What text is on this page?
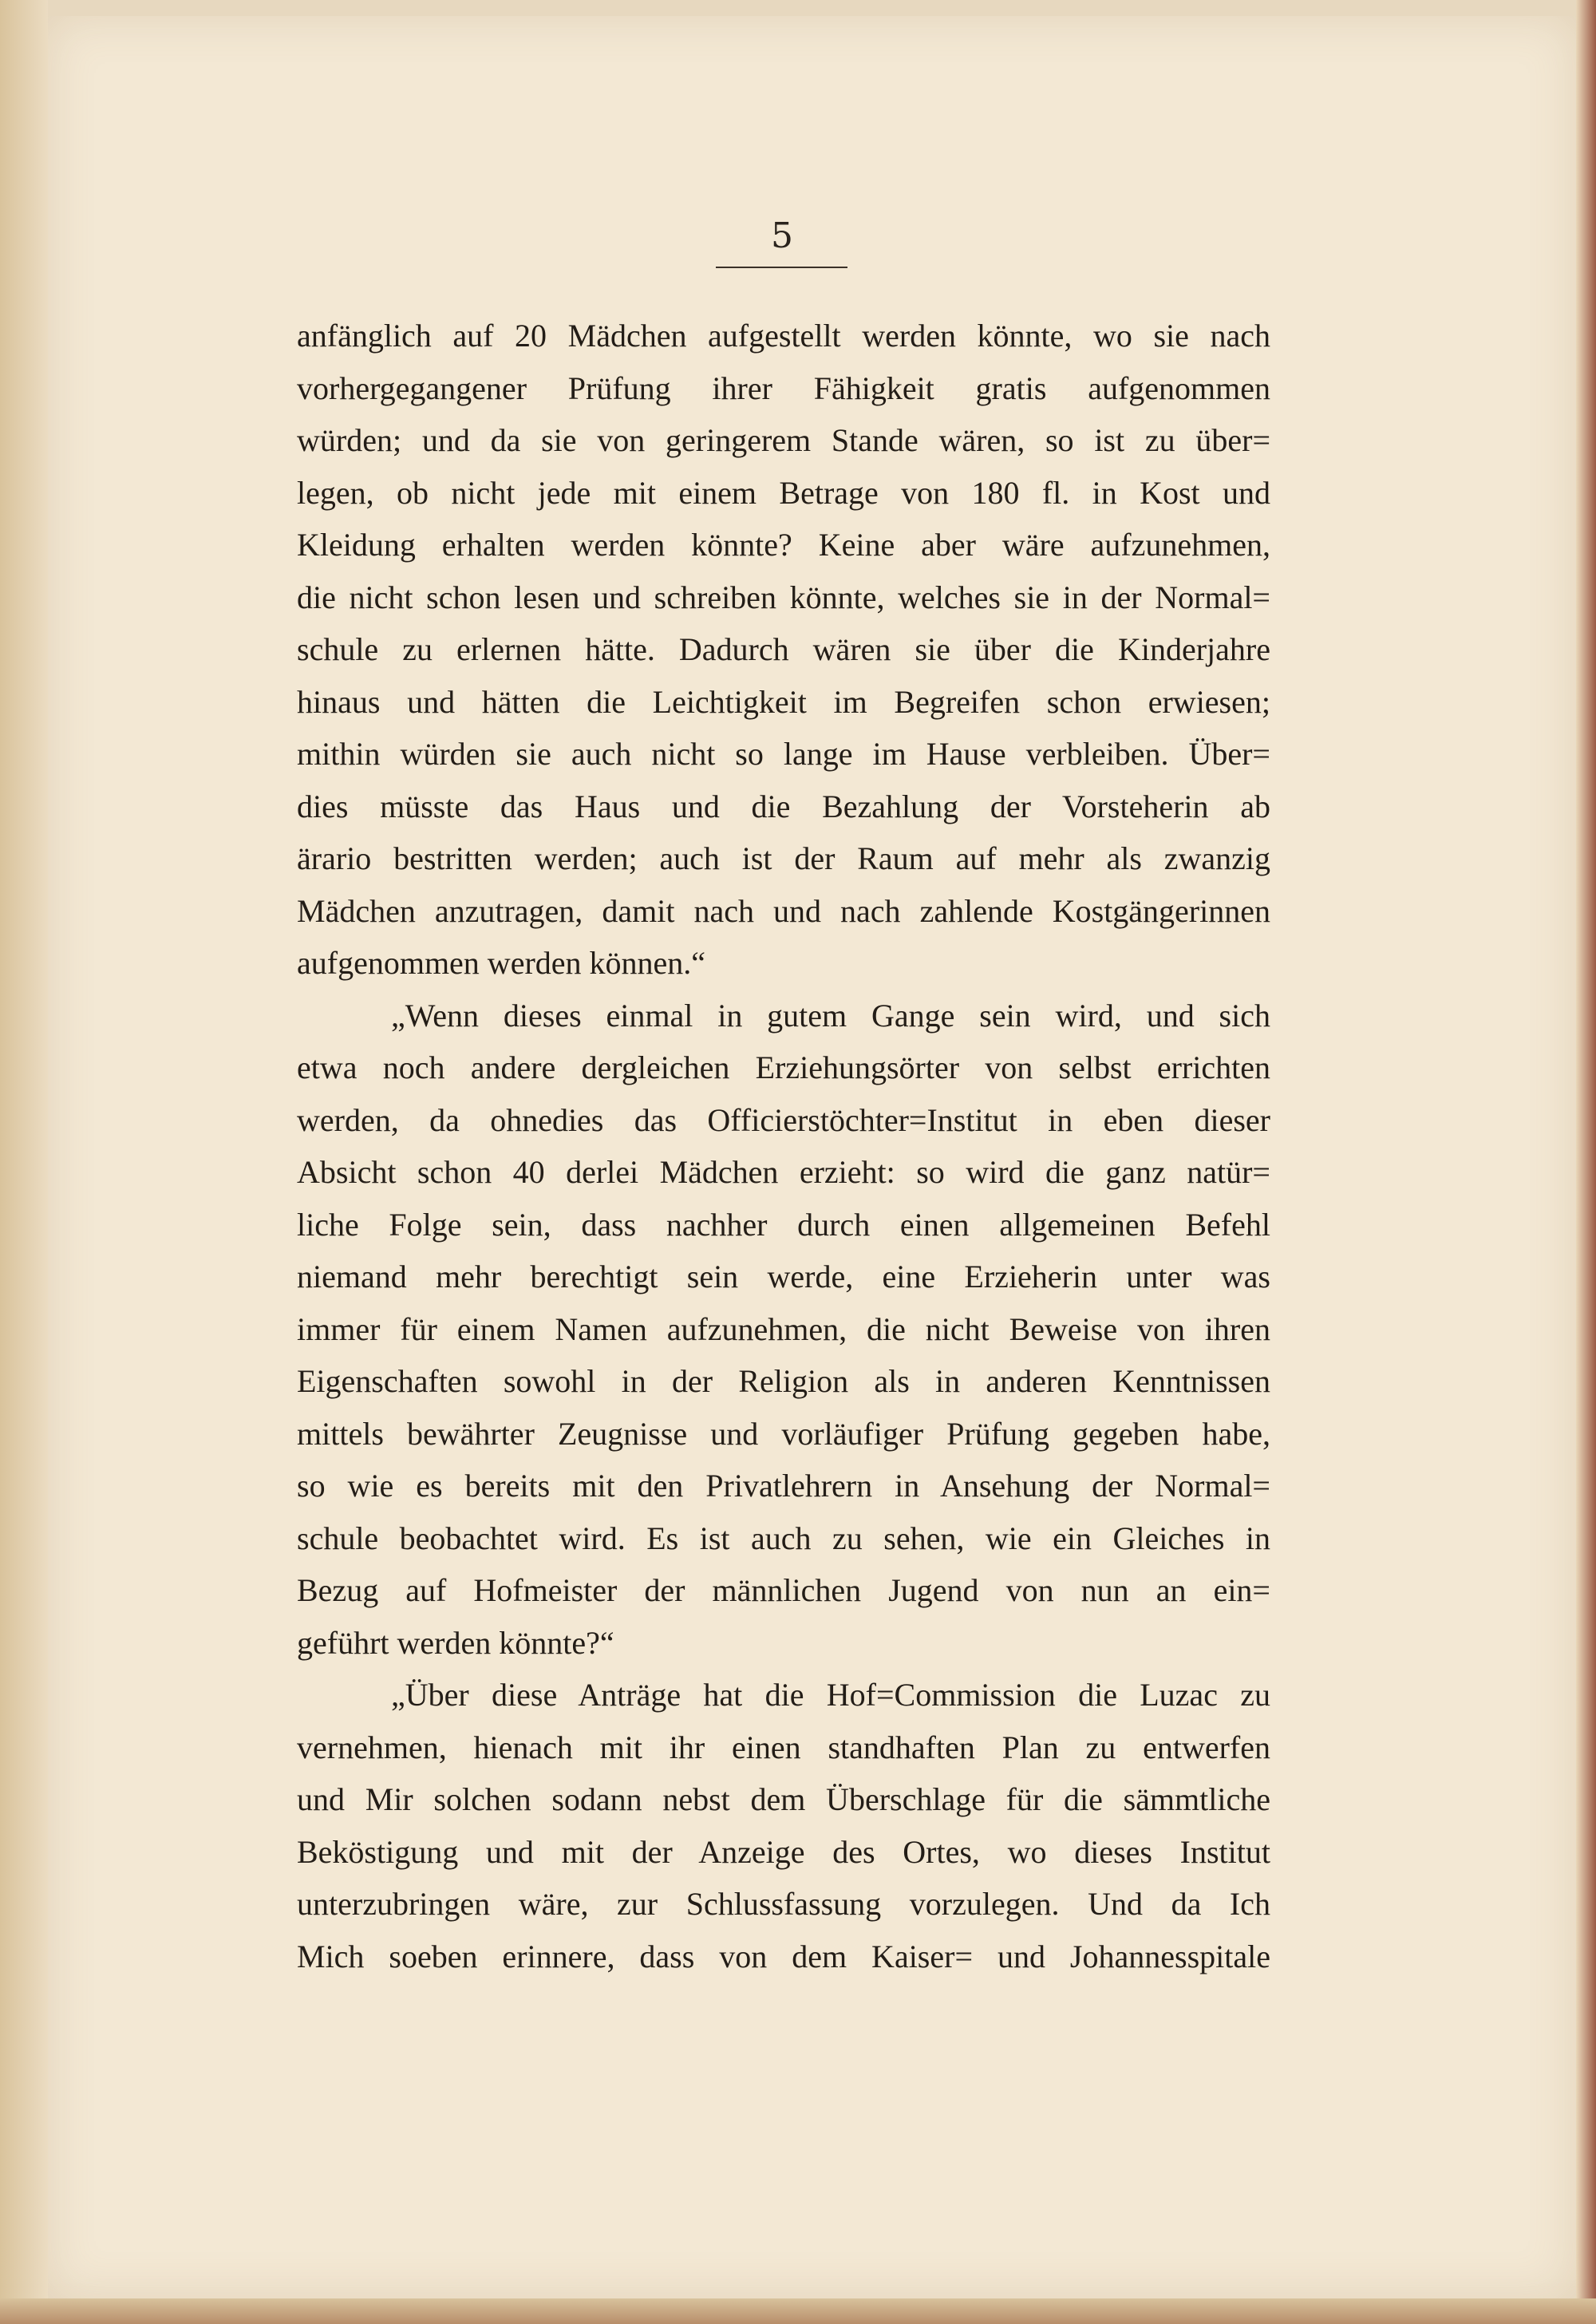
5
anfänglich auf 20 Mädchen aufgestellt werden könnte, wo sie nach
vorhergegangener Prüfung ihrer Fähigkeit gratis aufgenommen
würden; und da sie von geringerem Stande wären, so ist zu über=
legen, ob nicht jede mit einem Betrage von 180 fl. in Kost und
Kleidung erhalten werden könnte? Keine aber wäre aufzunehmen,
die nicht schon lesen und schreiben könnte, welches sie in der Normal=
schule zu erlernen hätte. Dadurch wären sie über die Kinderjahre
hinaus und hätten die Leichtigkeit im Begreifen schon erwiesen;
mithin würden sie auch nicht so lange im Hause verbleiben. Über=
dies müsste das Haus und die Bezahlung der Vorsteherin ab
ärario bestritten werden; auch ist der Raum auf mehr als zwanzig
Mädchen anzutragen, damit nach und nach zahlende Kostgängerinnen
aufgenommen werden können.“
„Wenn dieses einmal in gutem Gange sein wird, und sich
etwa noch andere dergleichen Erziehungsörter von selbst errichten
werden, da ohnedies das Officierstöchter=Institut in eben dieser
Absicht schon 40 derlei Mädchen erzieht: so wird die ganz natür=
liche Folge sein, dass nachher durch einen allgemeinen Befehl
niemand mehr berechtigt sein werde, eine Erzieherin unter was
immer für einem Namen aufzunehmen, die nicht Beweise von ihren
Eigenschaften sowohl in der Religion als in anderen Kenntnissen
mittels bewährter Zeugnisse und vorläufiger Prüfung gegeben habe,
so wie es bereits mit den Privatlehrern in Ansehung der Normal=
schule beobachtet wird. Es ist auch zu sehen, wie ein Gleiches in
Bezug auf Hofmeister der männlichen Jugend von nun an ein=
geführt werden könnte?“
„Über diese Anträge hat die Hof=Commission die Luzac zu
vernehmen, hienach mit ihr einen standhaften Plan zu entwerfen
und Mir solchen sodann nebst dem Überschlage für die sämmtliche
Beköstigung und mit der Anzeige des Ortes, wo dieses Institut
unterzubringen wäre, zur Schlussfassung vorzulegen. Und da Ich
Mich soeben erinnere, dass von dem Kaiser= und Johannesspitale
